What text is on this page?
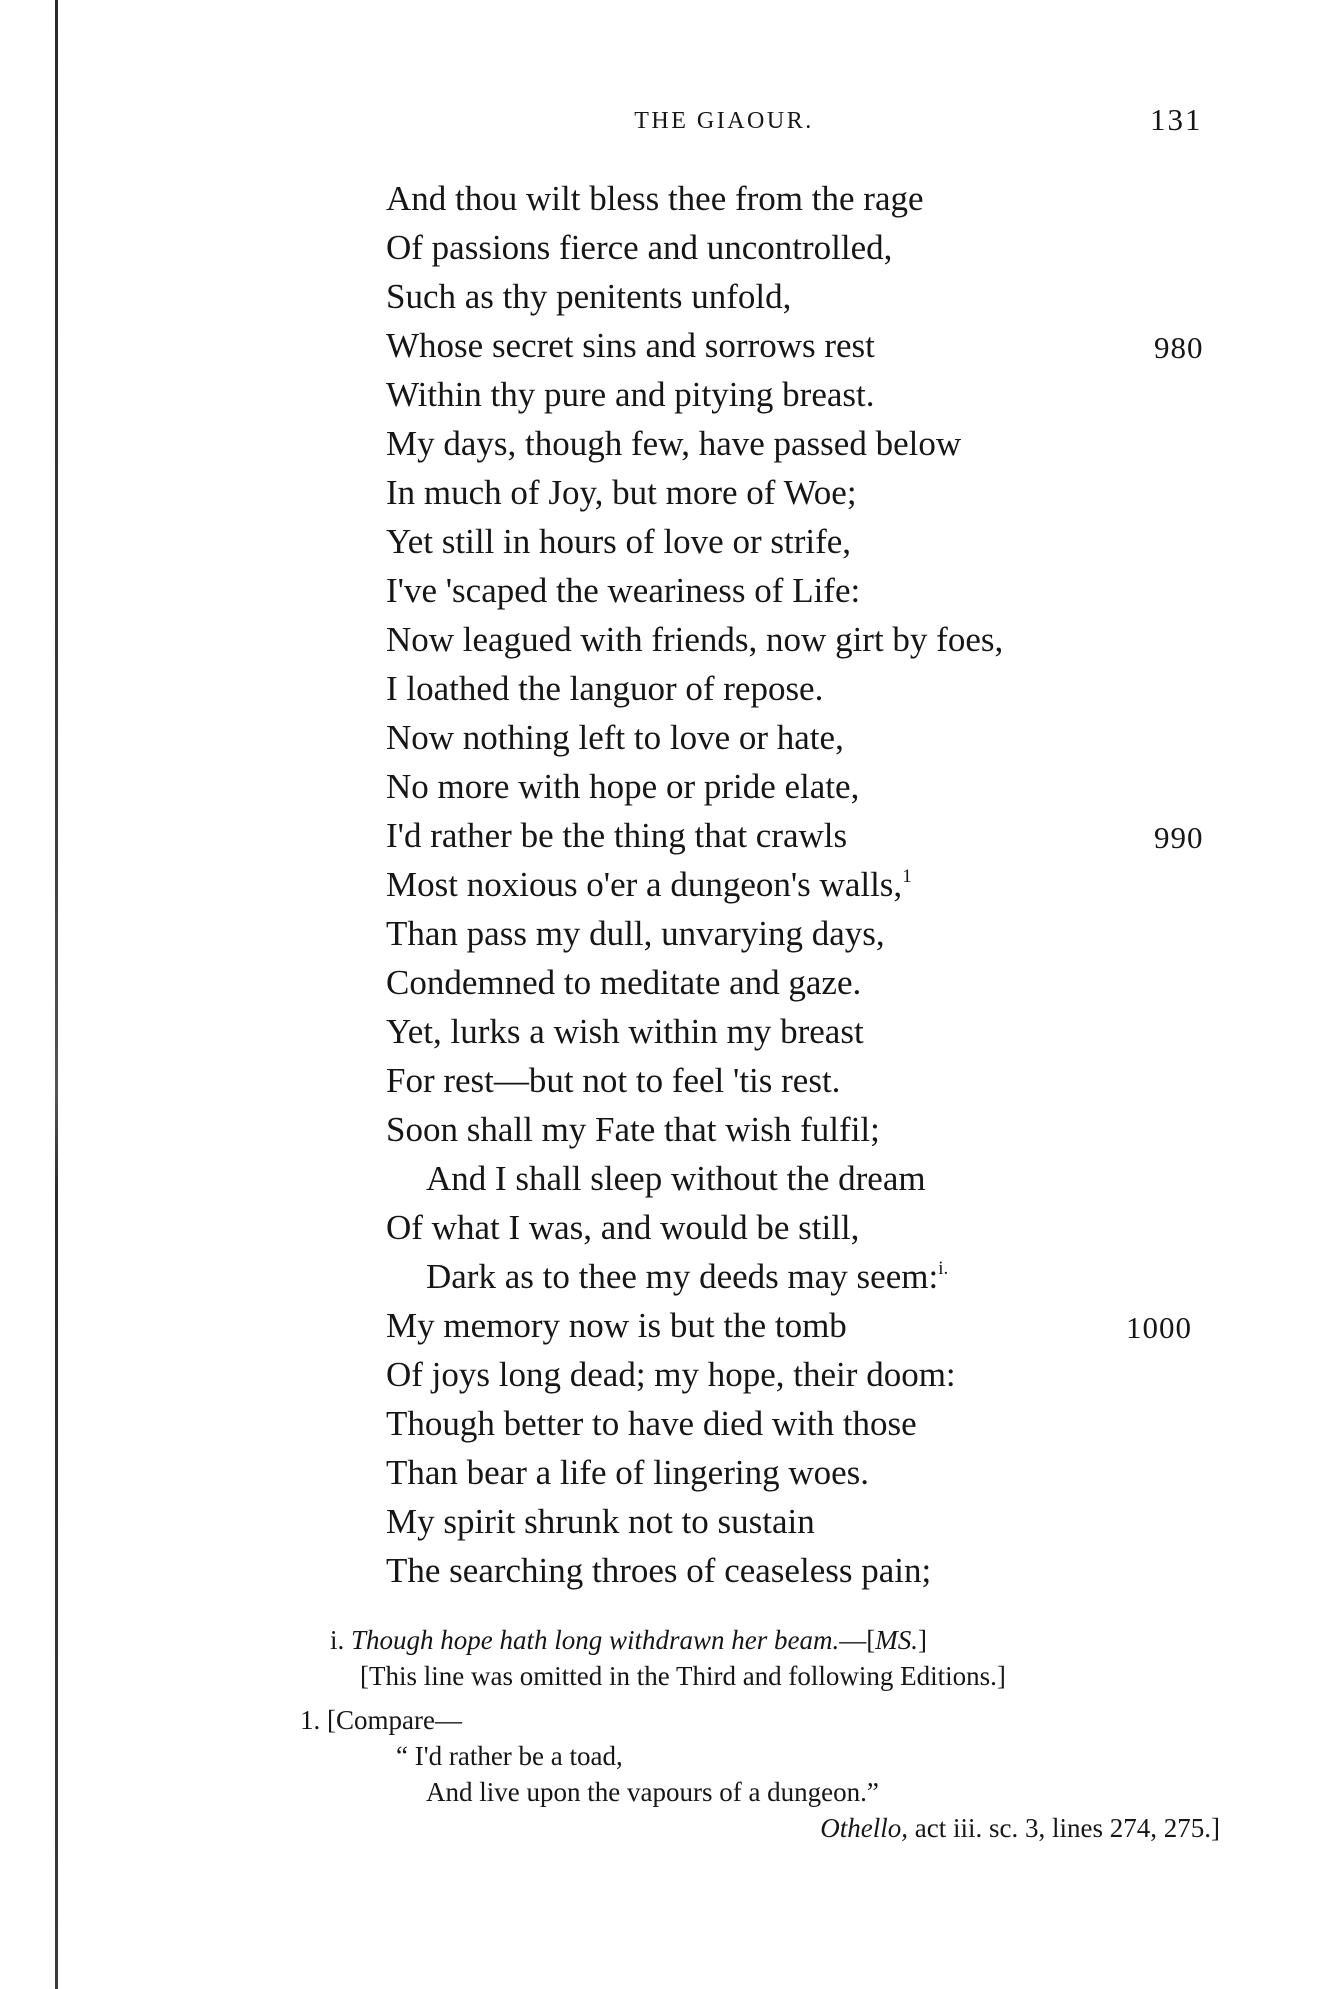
THE GIAOUR.	131
And thou wilt bless thee from the rage
Of passions fierce and uncontrolled,
Such as thy penitents unfold,
Whose secret sins and sorrows rest	980
Within thy pure and pitying breast.
My days, though few, have passed below
In much of Joy, but more of Woe;
Yet still in hours of love or strife,
I've 'scaped the weariness of Life:
Now leagued with friends, now girt by foes,
I loathed the languor of repose.
Now nothing left to love or hate,
No more with hope or pride elate,
I'd rather be the thing that crawls	990
Most noxious o'er a dungeon's walls,$^1$
Than pass my dull, unvarying days,
Condemned to meditate and gaze.
Yet, lurks a wish within my breast
For rest—but not to feel 'tis rest.
Soon shall my Fate that wish fulfil;
And I shall sleep without the dream
Of what I was, and would be still,
Dark as to thee my deeds may seem:$^{i.}$
My memory now is but the tomb	1000
Of joys long dead; my hope, their doom:
Though better to have died with those
Than bear a life of lingering woes.
My spirit shrunk not to sustain
The searching throes of ceaseless pain;
i. Though hope hath long withdrawn her beam.—[MS.]
[This line was omitted in the Third and following Editions.]
1. [Compare—
“ I'd rather be a toad,
And live upon the vapours of a dungeon.”
Othello, act iii. sc. 3, lines 274, 275.]
